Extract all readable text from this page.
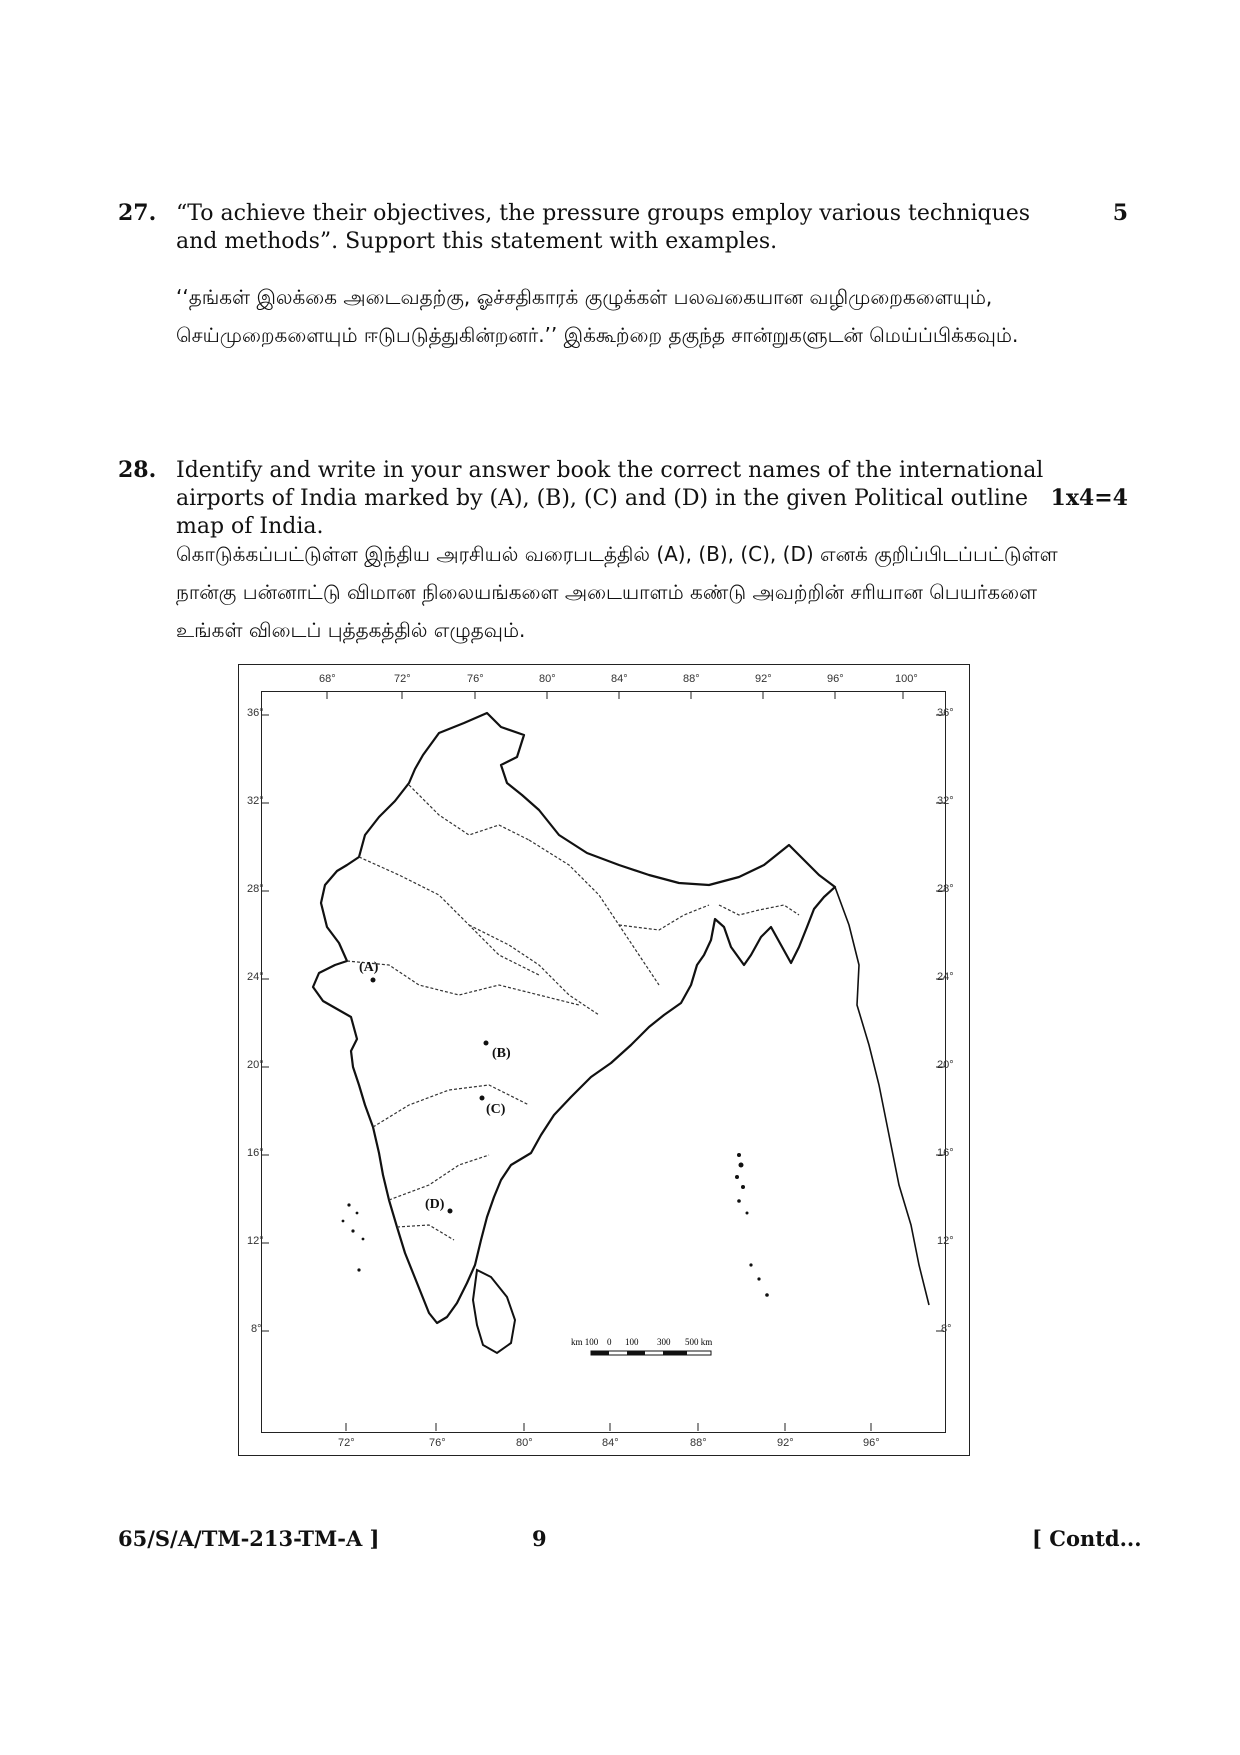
27. “To achieve their objectives, the pressure groups employ various techniques and methods”. Support this statement with examples.
5
‘‘தங்கள் இலக்கை அடைவதற்கு, ஓச்சதிகாரக் குழுக்கள் பலவகையான வழிமுறைகளையும், செய்முறைகளையும் ஈடுபடுத்துகின்றனர்.’’ இக்கூற்றை தகுந்த சான்றுகளுடன் மெய்ப்பிக்கவும்.
28. Identify and write in your answer book the correct names of the international airports of India marked by (A), (B), (C) and (D) in the given Political outline map of India.
1x4=4
கொடுக்கப்பட்டுள்ள இந்திய அரசியல் வரைபடத்தில் (A), (B), (C), (D) எனக் குறிப்பிடப்பட்டுள்ள நான்கு பன்னாட்டு விமான நிலையங்களை அடையாளம் கண்டு அவற்றின் சரியான பெயர்களை உங்கள் விடைப் புத்தகத்தில் எழுதவும்.
68°	72°	76°	80°	84°	88°	92°	96°	100°
72°	76°	80°	84°	88°	92°	96°
36°
32°
28°
24°
20°
16°
12°
8°
36°
32°
28°
24°
20°
16°
12°
8°
(A)
(B)
(C)
(D)
km 100 0 100 300 500 km
65/S/A/TM-213-TM-A ]	9	[ Contd...
